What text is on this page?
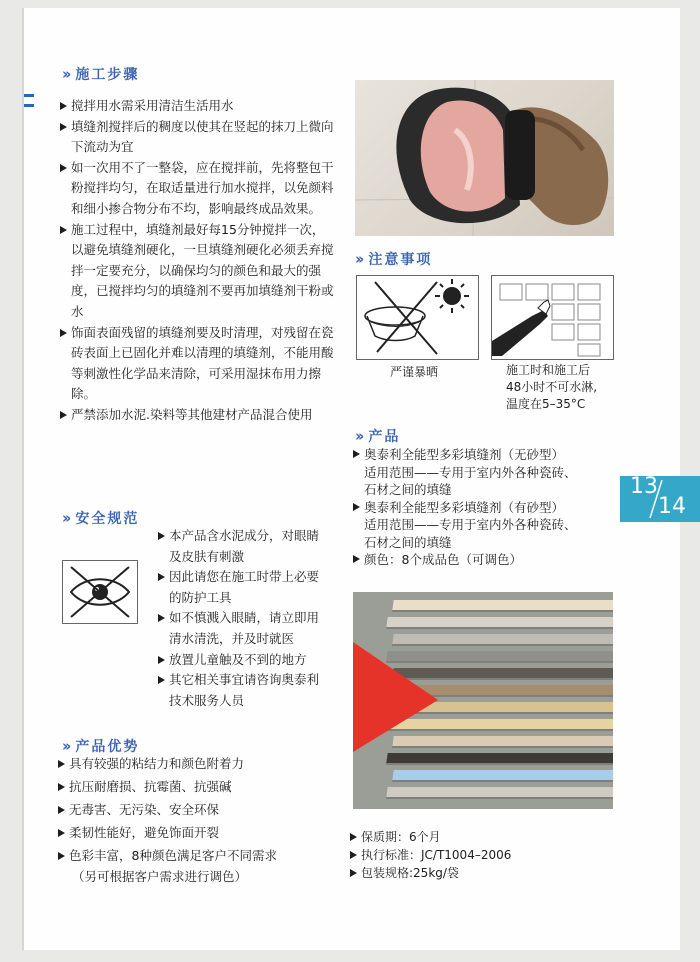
›› 施工步骤
搅拌用水需采用清洁生活用水
填缝剂搅拌后的稠度以使其在竖起的抹刀上微向下流动为宜
如一次用不了一整袋，应在搅拌前，先将整包干粉搅拌均匀，在取适量进行加水搅拌，以免颜料和细小掺合物分布不均，影响最终成品效果。
施工过程中，填缝剂最好每15分钟搅拌一次，以避免填缝剂硬化，一旦填缝剂硬化必须丢弃搅拌一定要充分，以确保均匀的颜色和最大的强度，已搅拌均匀的填缝剂不要再加填缝剂干粉或水
饰面表面残留的填缝剂要及时清理，对残留在瓷砖表面上已固化并难以清理的填缝剂，不能用酸等刺激性化学品来清除，可采用湿抹布用力擦除。
严禁添加水泥.染料等其他建材产品混合使用
›› 注意事项
严谨暴晒	施工时和施工后
48小时不可水淋,
温度在5–35°C
›› 产品
奥泰利全能型多彩填缝剂（无砂型）
适用范围——专用于室内外各种瓷砖、
石材之间的填缝
奥泰利全能型多彩填缝剂（有砂型）
适用范围——专用于室内外各种瓷砖、
石材之间的填缝
颜色：8个成品色（可调色）
13
14
›› 安全规范
本产品含水泥成分，对眼睛及皮肤有刺激
因此请您在施工时带上必要的防护工具
如不慎溅入眼睛，请立即用清水清洗，并及时就医
放置儿童触及不到的地方
其它相关事宜请咨询奥泰利技术服务人员
›› 产品优势
具有较强的粘结力和颜色附着力
抗压耐磨损、抗霉菌、抗强碱
无毒害、无污染、安全环保
柔韧性能好，避免饰面开裂
色彩丰富，8种颜色满足客户不同需求
（另可根据客户需求进行调色）
保质期：6个月
执行标准：JC/T1004–2006
包装规格:25kg/袋
